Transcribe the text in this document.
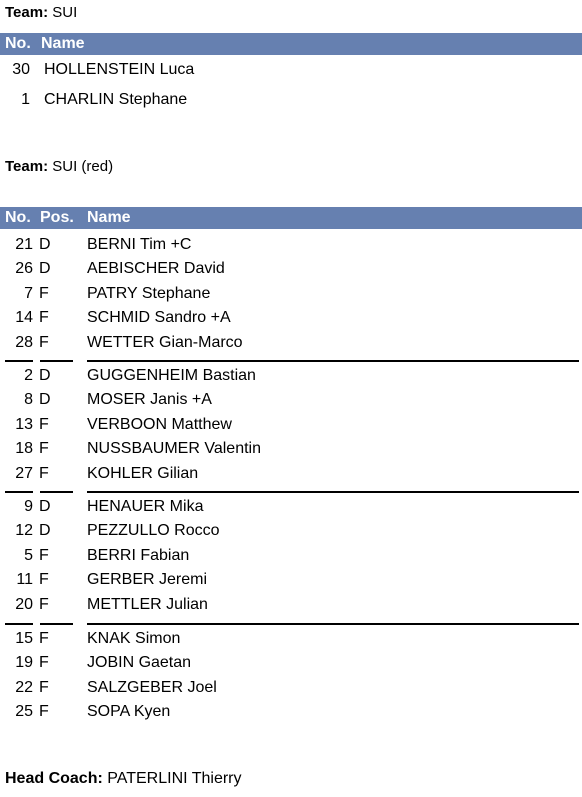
Team: SUI
No. Name
30 HOLLENSTEIN Luca
1 CHARLIN Stephane
Team: SUI (red)
No. Pos. Name
21 D BERNI Tim +C
26 D AEBISCHER David
7 F PATRY Stephane
14 F SCHMID Sandro +A
28 F WETTER Gian-Marco
2 D GUGGENHEIM Bastian
8 D MOSER Janis +A
13 F VERBOON Matthew
18 F NUSSBAUMER Valentin
27 F KOHLER Gilian
9 D HENAUER Mika
12 D PEZZULLO Rocco
5 F BERRI Fabian
11 F GERBER Jeremi
20 F METTLER Julian
15 F KNAK Simon
19 F JOBIN Gaetan
22 F SALZGEBER Joel
25 F SOPA Kyen
Head Coach: PATERLINI Thierry
